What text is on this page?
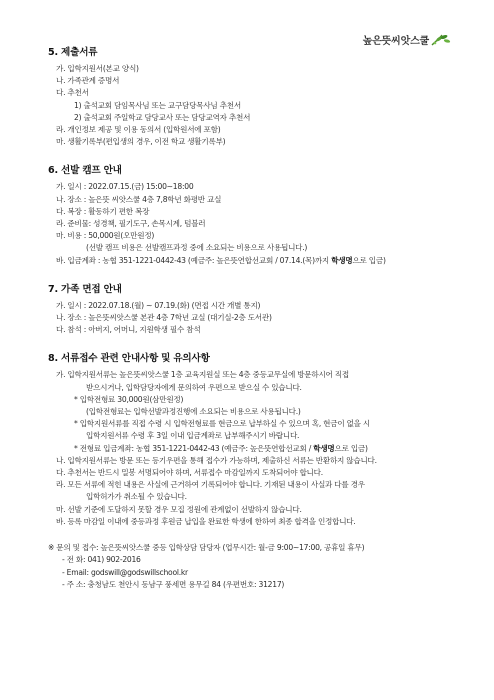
높은뜻씨앗스쿨
5. 제출서류
가. 입학지원서(본교 양식)
나. 가족관계 증명서
다. 추천서
1) 출석교회 담임목사님 또는 교구담당목사님 추천서
2) 출석교회 주일학교 담당교사 또는 담당교역자 추천서
라. 개인정보 제공 및 이용 동의서 (입학원서에 포함)
마. 생활기록부(편입생의 경우, 이전 학교 생활기록부)
6. 선발 캠프 안내
가. 일시 : 2022.07.15.(금) 15:00~18:00
나. 장소 : 높은뜻 씨앗스쿨 4층 7,8학년 화평반 교실
다. 복장 : 활동하기 편한 복장
라. 준비물: 성경책, 필기도구, 손목시계, 텀블러
마. 비용 : 50,000원(오만원정)
(선발 캠프 비용은 선발캠프과정 중에 소요되는 비용으로 사용됩니다.)
바. 입금계좌 : 농협 351-1221-0442-43 (예금주: 높은뜻연합선교회 / 07.14.(목)까지 학생명으로 입금)
7. 가족 면접 안내
가. 일시 : 2022.07.18.(월) ~ 07.19.(화) (면접 시간 개별 통지)
나. 장소 : 높은뜻씨앗스쿨 본관 4층 7학년 교실 (대기실-2층 도서관)
다. 참석 : 아버지, 어머니, 지원학생 필수 참석
8. 서류접수 관련 안내사항 및 유의사항
가. 입학지원서류는 높은뜻씨앗스쿨 1층 교육지원실 또는 4층 중등교무실에 방문하시어 직접
받으시거나, 입학담당자에게 문의하여 우편으로 받으실 수 있습니다.
* 입학전형료 30,000원(삼만원정)
(입학전형료는 입학선발과정진행에 소요되는 비용으로 사용됩니다.)
* 입학지원서류를 직접 수령 시 입학전형료를 현금으로 납부하실 수 있으며 혹, 현금이 없을 시
입학지원서류 수령 후 3일 이내 입금계좌로 납부해주시기 바랍니다.
* 전형료 입금계좌: 농협 351-1221-0442-43 (예금주: 높은뜻연합선교회 / 학생명으로 입금)
나. 입학지원서류는 방문 또는 등기우편을 통해 접수가 가능하며, 제출하신 서류는 반환하지 않습니다.
다. 추천서는 반드시 밀봉 서명되어야 하며, 서류접수 마감일까지 도착되어야 합니다.
라. 모든 서류에 적힌 내용은 사실에 근거하여 기록되어야 합니다. 기재된 내용이 사실과 다를 경우
입학허가가 취소될 수 있습니다.
마. 선발 기준에 도달하지 못할 경우 모집 정원에 관계없이 선발하지 않습니다.
바. 등록 마감일 이내에 중등과정 후원금 납입을 완료한 학생에 한하여 최종 합격을 인정합니다.
※ 문의 및 접수: 높은뜻씨앗스쿨 중등 입학상담 담당자 (업무시간: 월-금 9:00~17:00, 공휴일 휴무)
- 전 화: 041) 902-2016
- Email: godswill@godswillschool.kr
- 주 소: 충청남도 천안시 동남구 풍세면 용무길 84 (우편번호: 31217)
